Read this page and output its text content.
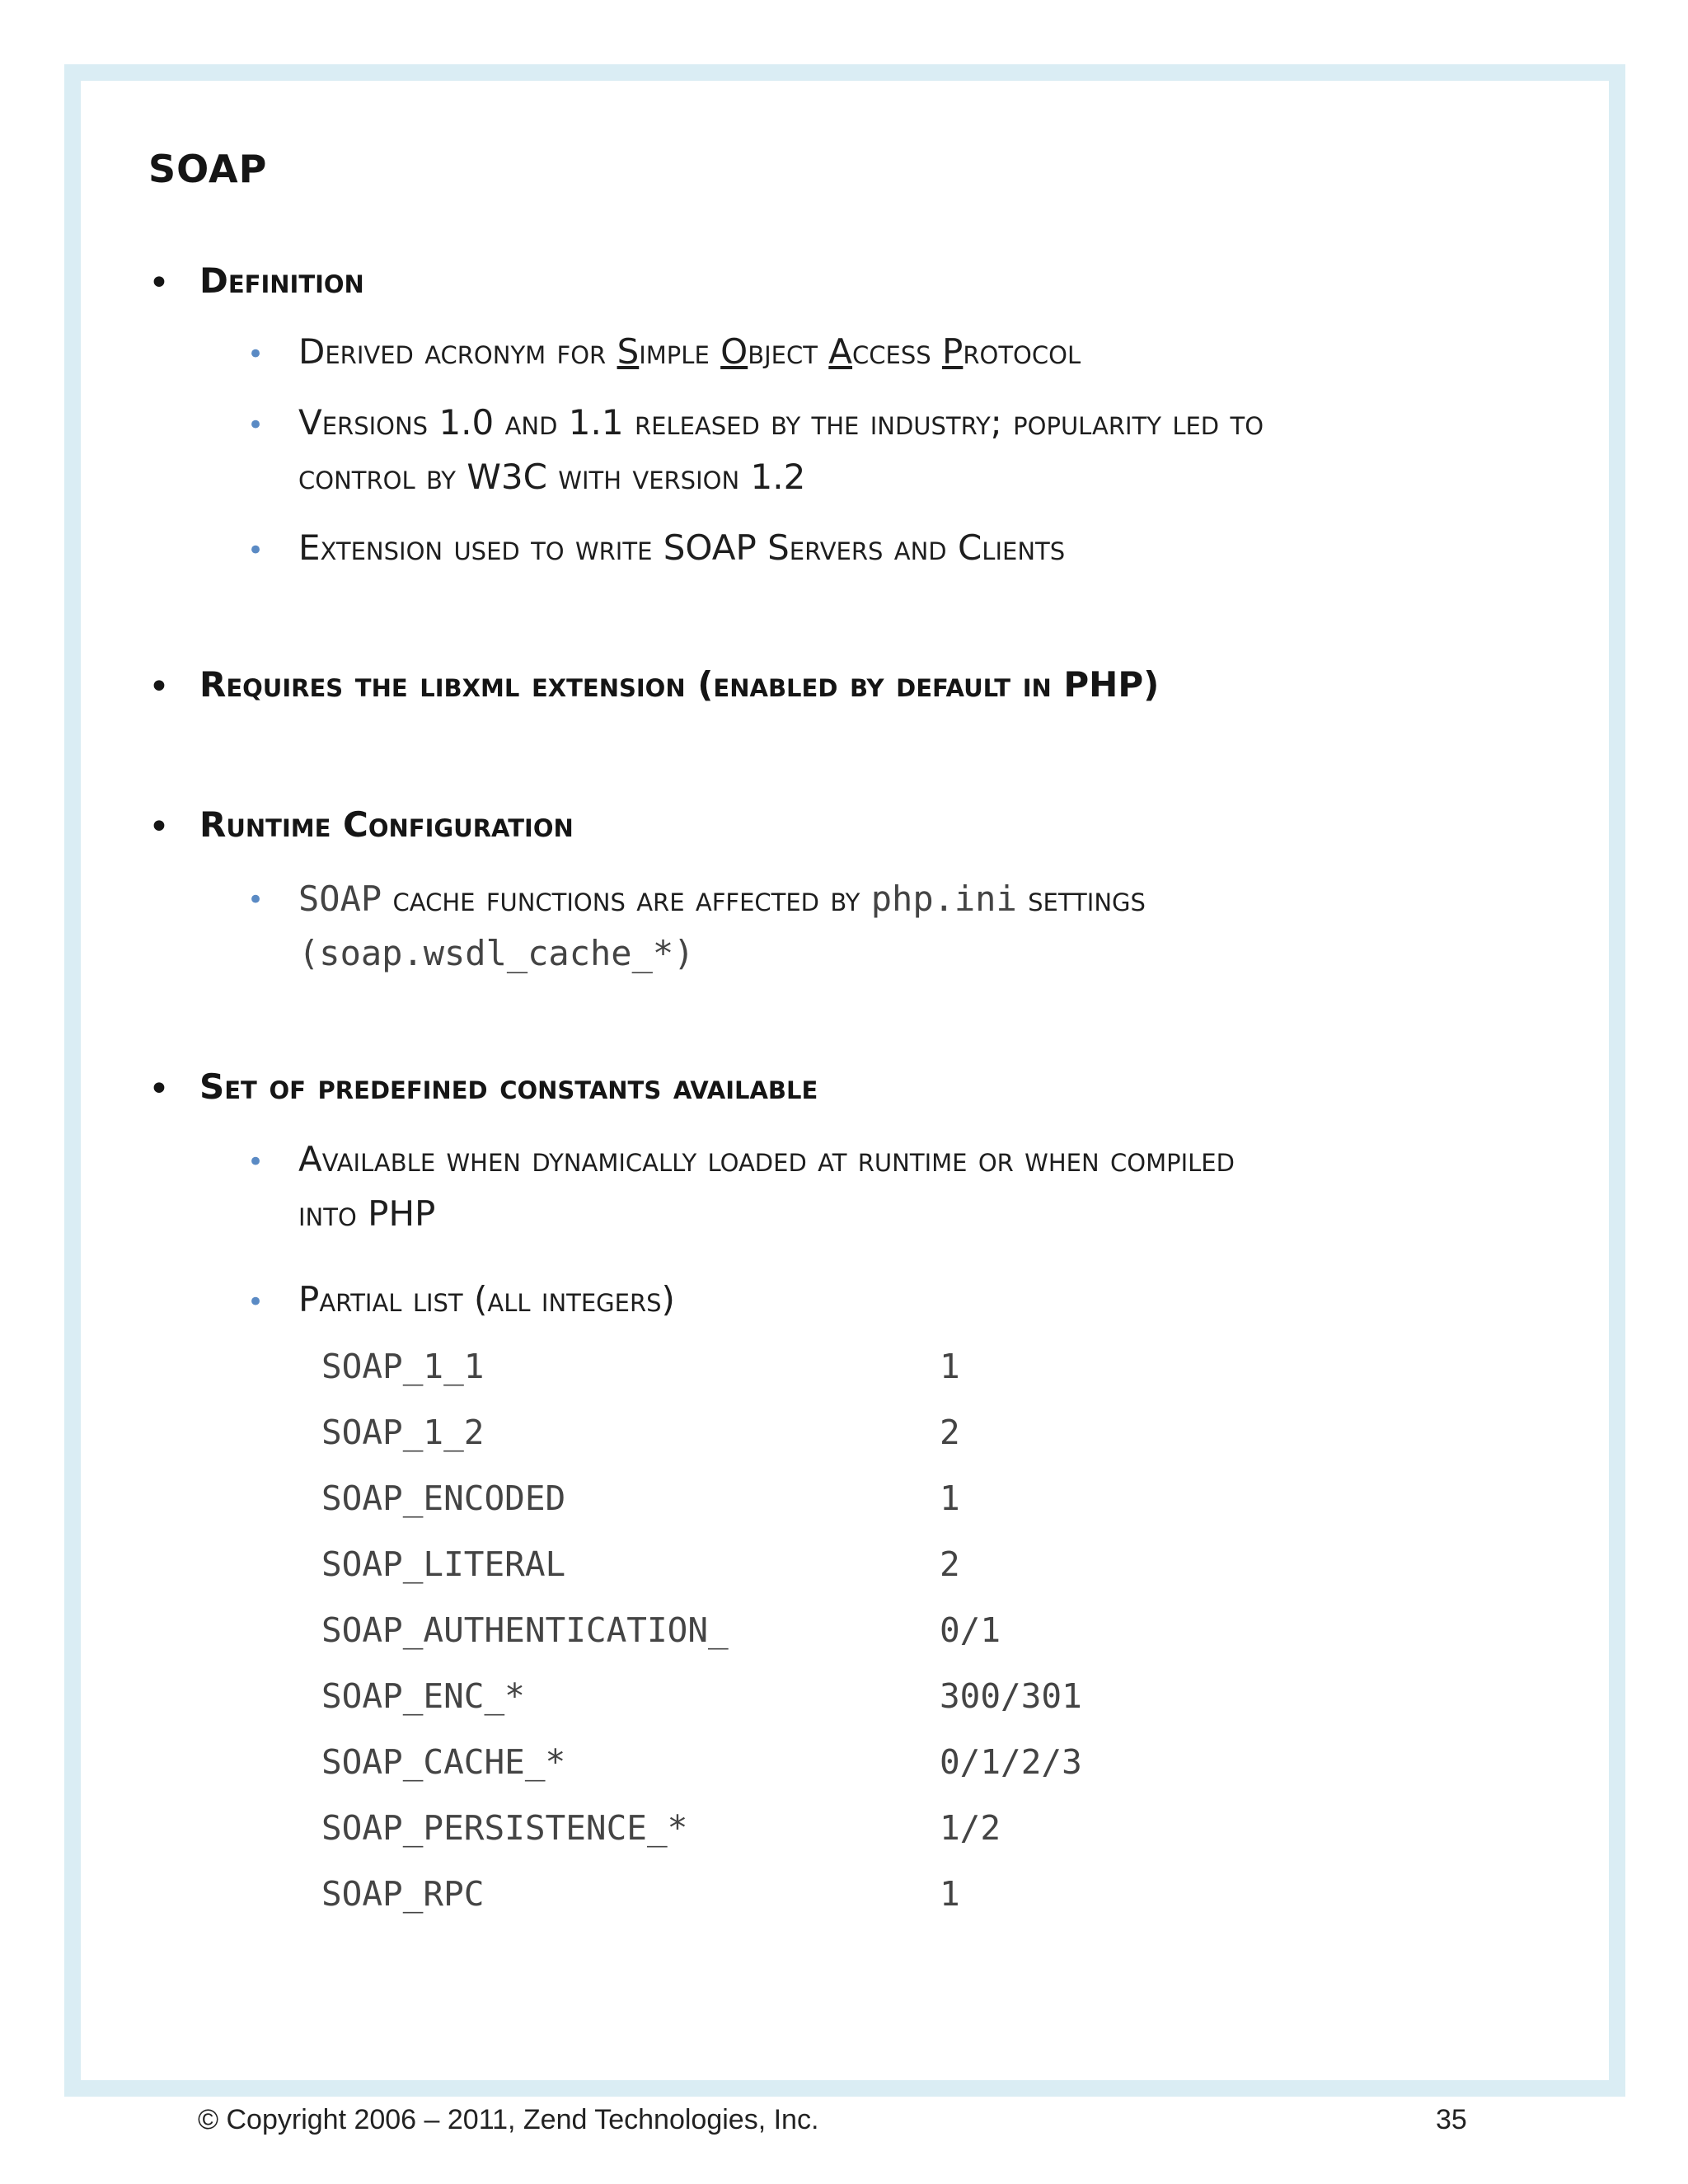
SOAP
• Definition
• Derived acronym for Simple Object Access Protocol
• Versions 1.0 and 1.1 released by the industry; popularity led to
control by W3C with version 1.2
• Extension used to write SOAP Servers and Clients
• Requires the libxml extension (enabled by default in PHP)
• Runtime Configuration
• SOAP cache functions are affected by php.ini settings
(soap.wsdl_cache_*)
• Set of predefined constants available
• Available when dynamically loaded at runtime or when compiled
into PHP
• Partial list (all integers)
SOAP_1_1	1
SOAP_1_2	2
SOAP_ENCODED	1
SOAP_LITERAL	2
SOAP_AUTHENTICATION_	0/1
SOAP_ENC_*	300/301
SOAP_CACHE_*	0/1/2/3
SOAP_PERSISTENCE_*	1/2
SOAP_RPC	1
© Copyright 2006 – 2011, Zend Technologies, Inc.	35
